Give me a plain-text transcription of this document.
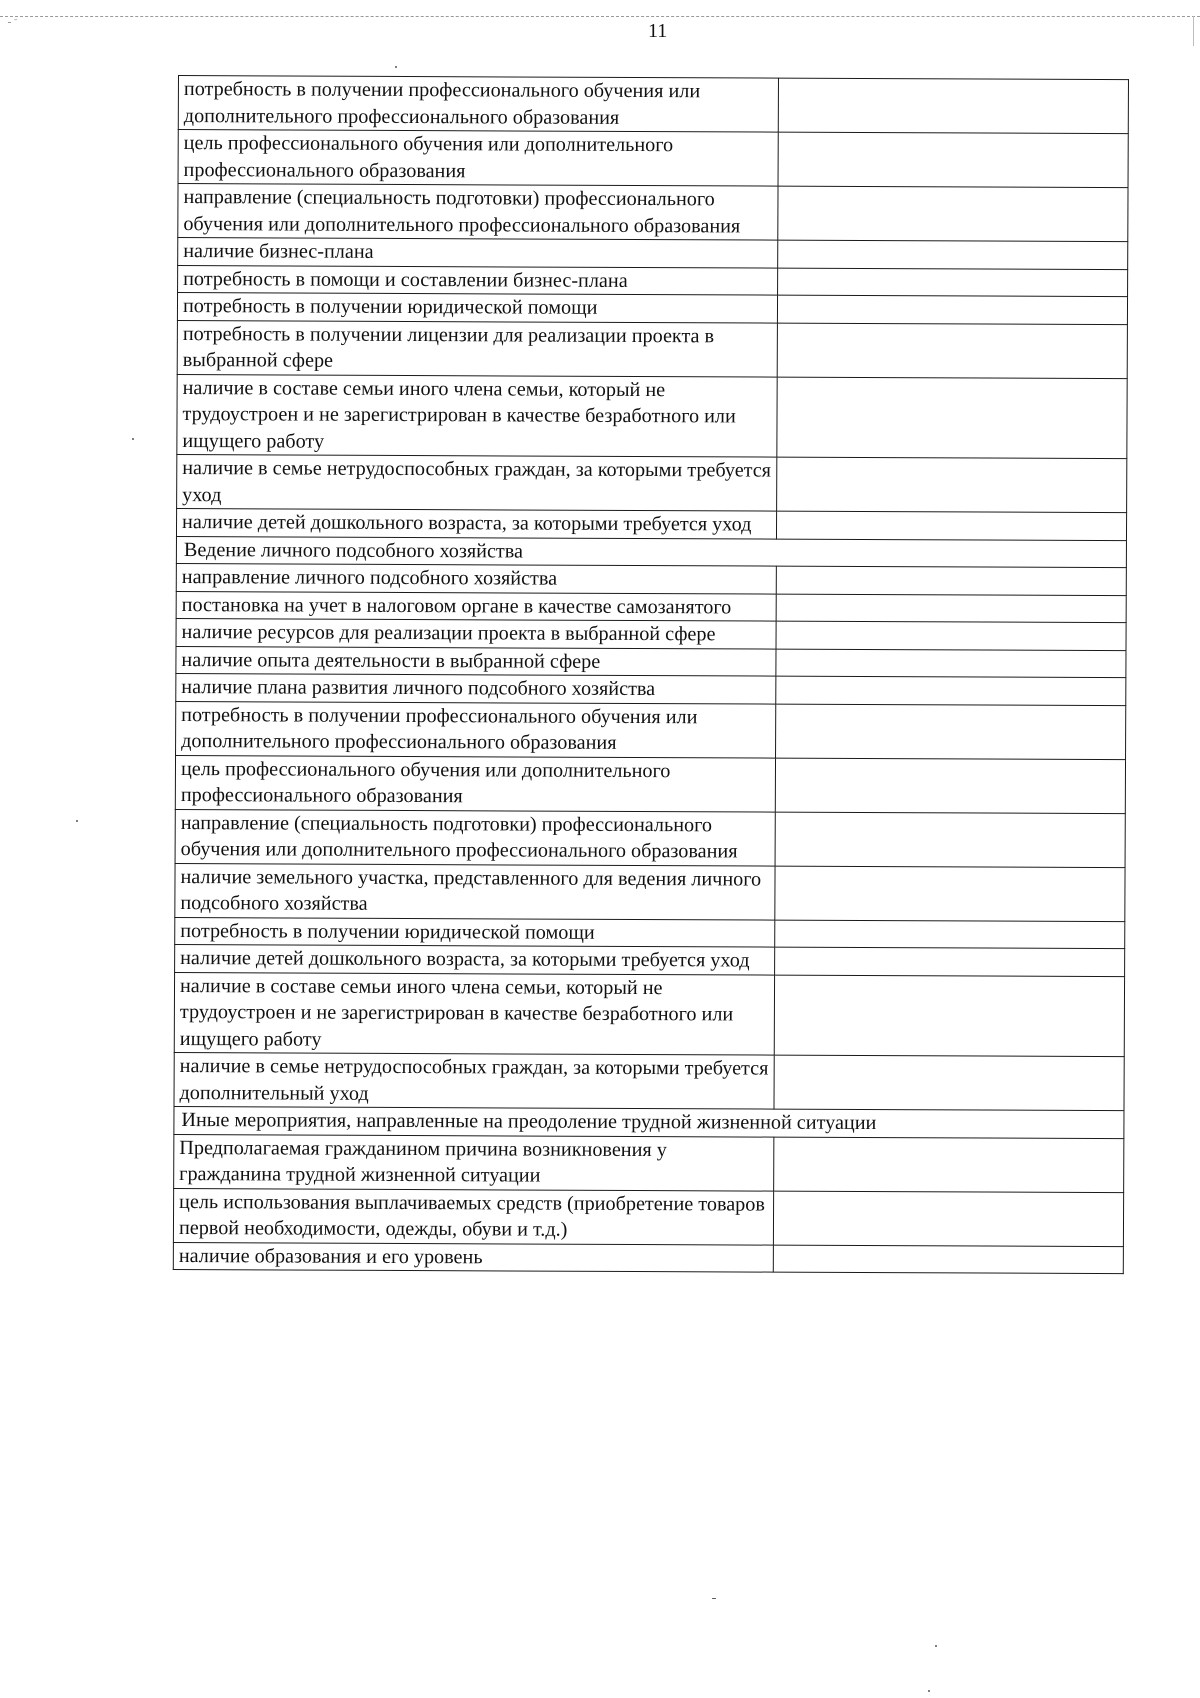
╴ˉ	11
потребность в получении профессионального обучения или дополнительного профессионального образования	
цель профессионального обучения или дополнительного профессионального образования	
направление (специальность подготовки) профессионального обучения или дополнительного профессионального образования	
наличие бизнес-плана	
потребность в помощи и составлении бизнес-плана	
потребность в получении юридической помощи	
потребность в получении лицензии для реализации проекта в выбранной сфере	
наличие в составе семьи иного члена семьи, который не трудоустроен и не зарегистрирован в качестве безработного или ищущего работу	
наличие в семье нетрудоспособных граждан, за которыми требуется уход	
наличие детей дошкольного возраста, за которыми требуется уход	
Ведение личного подсобного хозяйства	
направление личного подсобного хозяйства	
постановка на учет в налоговом органе в качестве самозанятого	
наличие ресурсов для реализации проекта в выбранной сфере	
наличие опыта деятельности в выбранной сфере	
наличие плана развития личного подсобного хозяйства	
потребность в получении профессионального обучения или дополнительного профессионального образования	
цель профессионального обучения или дополнительного профессионального образования	
направление (специальность подготовки) профессионального обучения или дополнительного профессионального образования	
наличие земельного участка, представленного для ведения личного подсобного хозяйства	
потребность в получении юридической помощи	
наличие детей дошкольного возраста, за которыми требуется уход	
наличие в составе семьи иного члена семьи, который не трудоустроен и не зарегистрирован в качестве безработного или ищущего работу	
наличие в семье нетрудоспособных граждан, за которыми требуется дополнительный уход	
Иные мероприятия, направленные на преодоление трудной жизненной ситуации	
Предполагаемая гражданином причина возникновения у гражданина трудной жизненной ситуации	
цель использования выплачиваемых средств (приобретение товаров первой необходимости, одежды, обуви и т.д.)	
наличие образования и его уровень	
